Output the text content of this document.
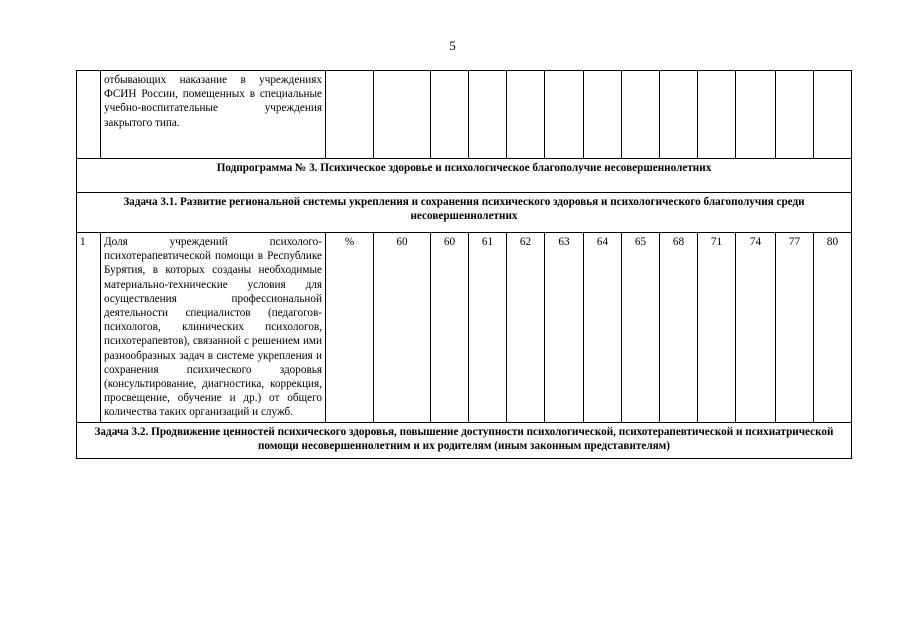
5
	отбывающих наказание в учреждениях ФСИН России, помещенных в специальные учебно-воспитательные учреждения закрытого типа.													
Подпрограмма № 3. Психическое здоровье и психологическое благополучие несовершеннолетних														
Задача 3.1. Развитие региональной системы укрепления и сохранения психического здоровья и психологического благополучия среди несовершеннолетних														
1	Доля учреждений психолого-психотерапевтической помощи в Республике Бурятия, в которых созданы необходимые материально-технические условия для осуществления профессиональной деятельности специалистов (педагогов-психологов, клинических психологов, психотерапевтов), связанной с решением ими разнообразных задач в системе укрепления и сохранения психического здоровья (консультирование, диагностика, коррекция, просвещение, обучение и др.) от общего количества таких организаций и служб.	%	60	60	61	62	63	64	65	68	71	74	77	80
Задача 3.2. Продвижение ценностей психического здоровья, повышение доступности психологической, психотерапевтической и психиатрической помощи несовершеннолетним и их родителям (иным законным представителям)														
